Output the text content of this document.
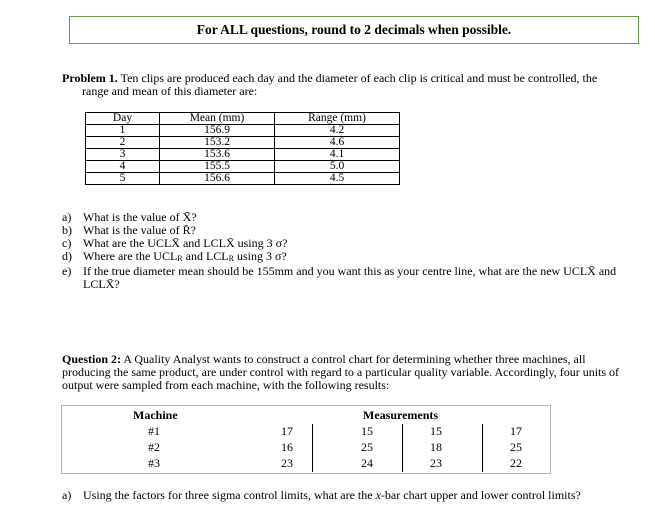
For ALL questions, round to 2 decimals when possible.
Problem 1. Ten clips are produced each day and the diameter of each clip is critical and must be controlled, the
range and mean of this diameter are:
Day	Mean (mm)	Range (mm)
1	156.9	4.2
2	153.2	4.6
3	153.6	4.1
4	155.5	5.0
5	156.6	4.5
a) What is the value of X̄̄?
b) What is the value of R̄?
c) What are the UCLX̄ and LCLX̄ using 3 σ?
d) Where are the UCLR and LCLR using 3 σ?
e) If the true diameter mean should be 155mm and you want this as your centre line, what are the new UCLX̄ and
LCLX̄?
Question 2: A Quality Analyst wants to construct a control chart for determining whether three machines, all
producing the same product, are under control with regard to a particular quality variable. Accordingly, four units of
output were sampled from each machine, with the following results:
Machine	Measurements
#1	17	15	15	17
#2	16	25	18	25
#3	23	24	23	22
a) Using the factors for three sigma control limits, what are the x-bar chart upper and lower control limits?
